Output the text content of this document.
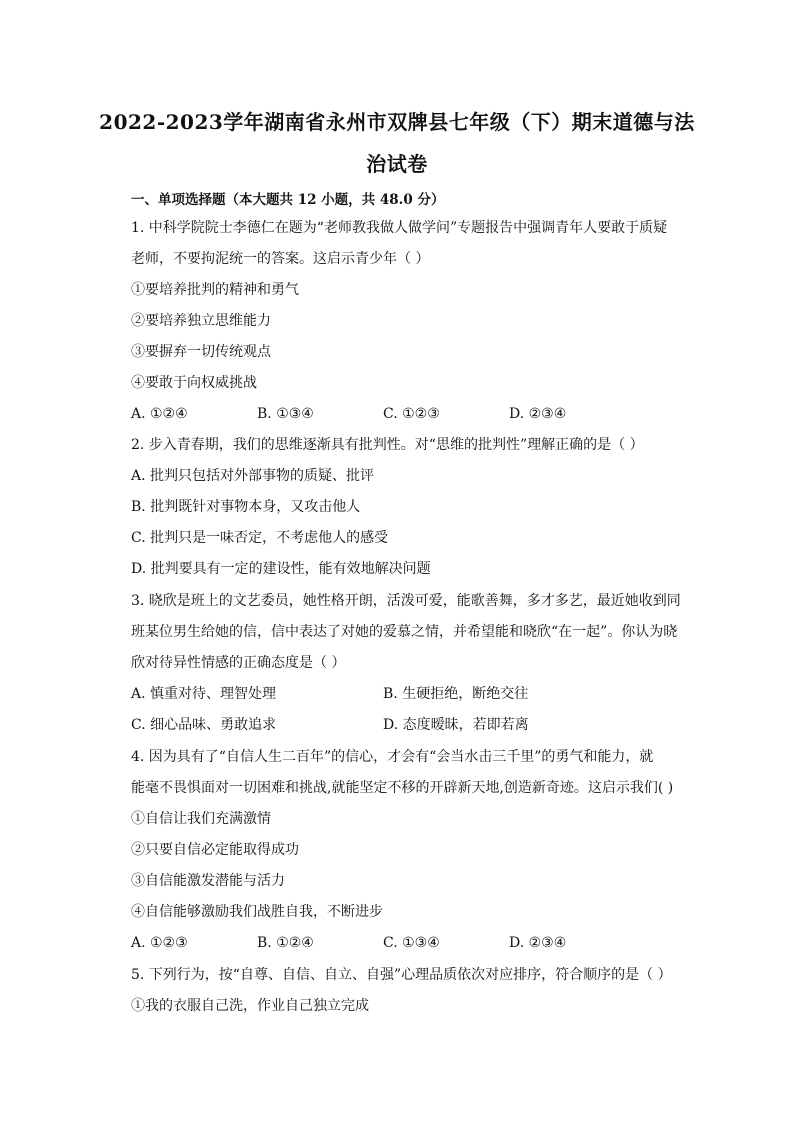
2022-2023学年湖南省永州市双牌县七年级（下）期末道德与法
治试卷
一、单项选择题（本大题共 12 小题，共 48.0 分）
1. 中科学院院士李德仁在题为“老师教我做人做学问”专题报告中强调青年人要敢于质疑
老师，不要拘泥统一的答案。这启示青少年（ ）
①要培养批判的精神和勇气
②要培养独立思维能力
③要摒弃一切传统观点
④要敢于向权威挑战
A. ①②④	B. ①③④	C. ①②③	D. ②③④
2. 步入青春期，我们的思维逐渐具有批判性。对“思维的批判性”理解正确的是（ ）
A. 批判只包括对外部事物的质疑、批评
B. 批判既针对事物本身，又攻击他人
C. 批判只是一味否定，不考虑他人的感受
D. 批判要具有一定的建设性，能有效地解决问题
3. 晓欣是班上的文艺委员，她性格开朗，活泼可爱，能歌善舞，多才多艺，最近她收到同
班某位男生给她的信，信中表达了对她的爱慕之情，并希望能和晓欣“在一起”。你认为晓
欣对待异性情感的正确态度是（ ）
A. 慎重对待、理智处理	B. 生硬拒绝，断绝交往
C. 细心品味、勇敢追求	D. 态度暧昧，若即若离
4. 因为具有了“自信人生二百年”的信心，才会有“会当水击三千里”的勇气和能力，就
能毫不畏惧面对一切困难和挑战,就能坚定不移的开辟新天地,创造新奇迹。这启示我们( )
①自信让我们充满激情
②只要自信必定能取得成功
③自信能激发潜能与活力
④自信能够激励我们战胜自我，不断进步
A. ①②③	B. ①②④	C. ①③④	D. ②③④
5. 下列行为，按“自尊、自信、自立、自强”心理品质依次对应排序，符合顺序的是（ ）
①我的衣服自己洗，作业自己独立完成
